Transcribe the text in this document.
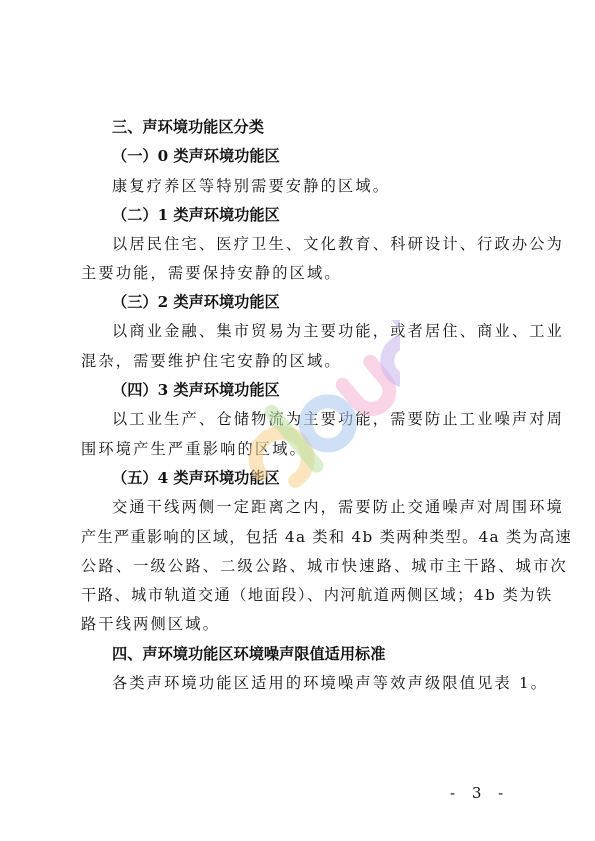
三、声环境功能区分类
（一）0 类声环境功能区
康复疗养区等特别需要安静的区域。
（二）1 类声环境功能区
以居民住宅、医疗卫生、文化教育、科研设计、行政办公为
主要功能，需要保持安静的区域。
（三）2 类声环境功能区
以商业金融、集市贸易为主要功能，或者居住、商业、工业
混杂，需要维护住宅安静的区域。
（四）3 类声环境功能区
以工业生产、仓储物流为主要功能，需要防止工业噪声对周
围环境产生严重影响的区域。
（五）4 类声环境功能区
交通干线两侧一定距离之内，需要防止交通噪声对周围环境
产生严重影响的区域，包括 4a 类和 4b 类两种类型。4a 类为高速
公路、一级公路、二级公路、城市快速路、城市主干路、城市次
干路、城市轨道交通（地面段）、内河航道两侧区域；4b 类为铁
路干线两侧区域。
四、声环境功能区环境噪声限值适用标准
各类声环境功能区适用的环境噪声等效声级限值见表 1。
- 3 -
